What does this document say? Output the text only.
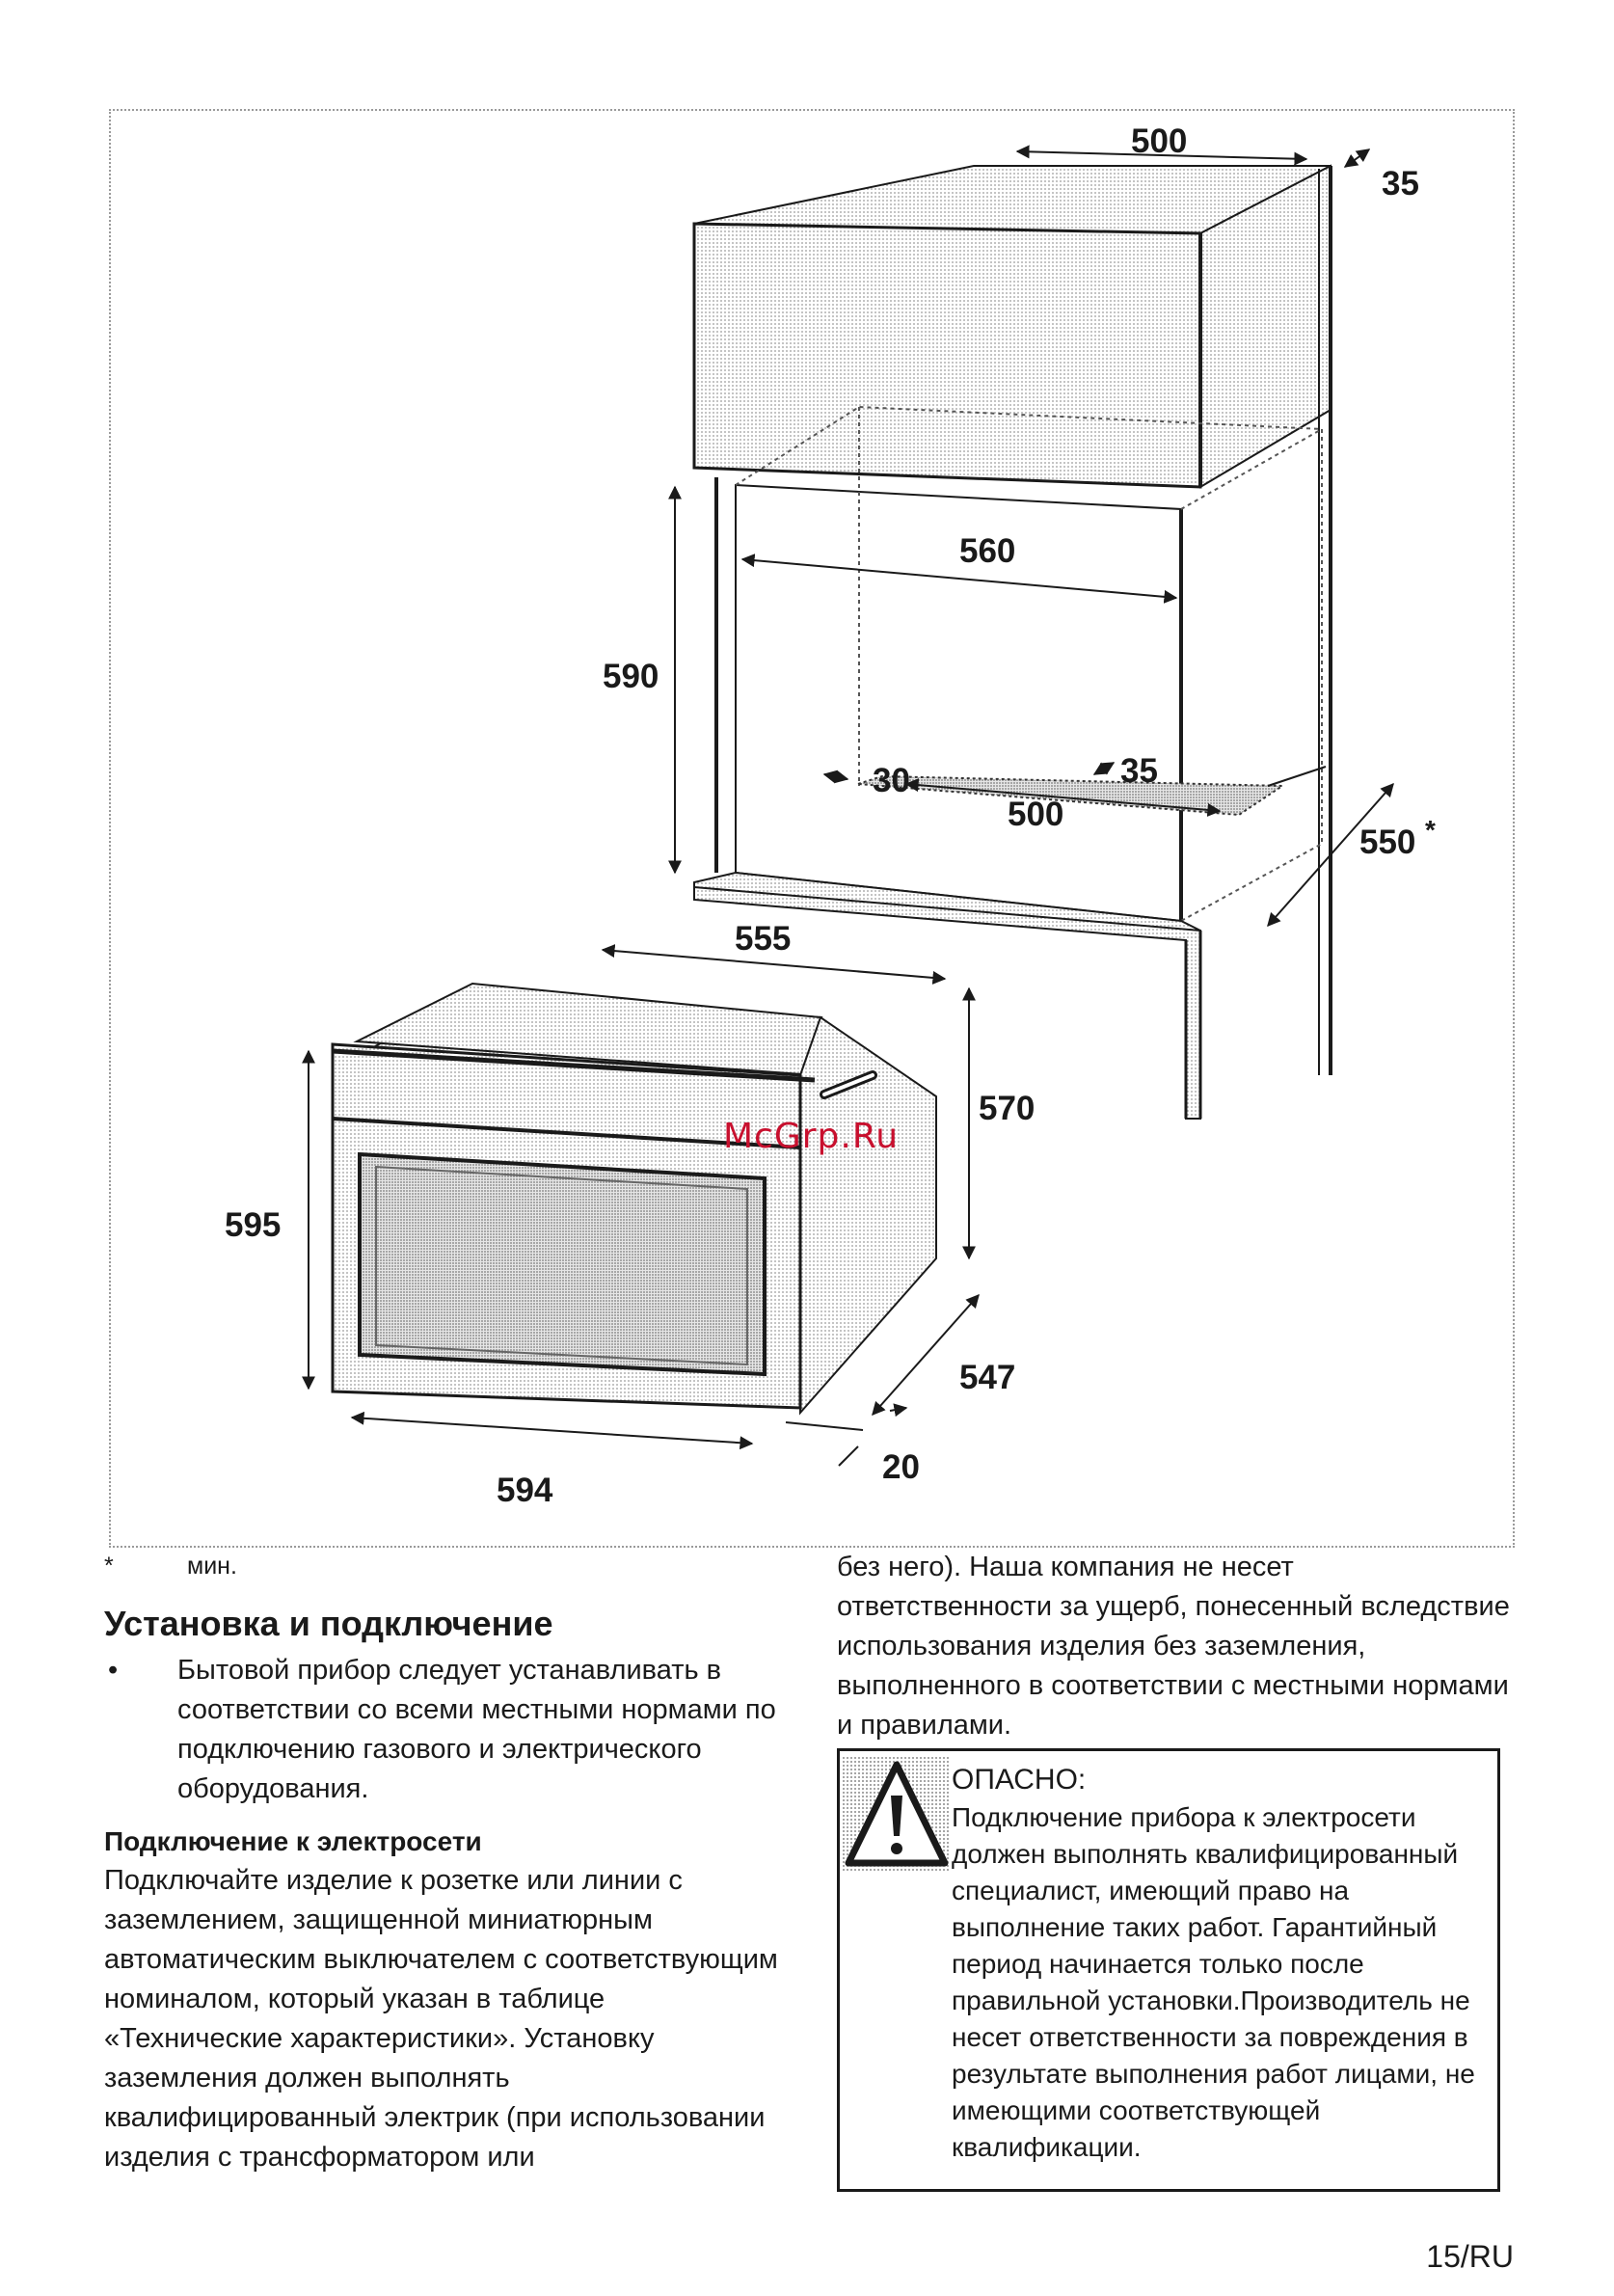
500
35
560
590
30	35
500
550 *
555
570
595
547
594
20
McGrp.Ru
*	мин.
Установка и подключение
•	Бытовой прибор следует устанавливать в соответствии со всеми местными нормами по подключению газового и электрического оборудования.

Подключение к электросети

Подключайте изделие к розетке или линии с заземлением, защищенной миниатюрным автоматическим выключателем с соответствующим номиналом, который указан в таблице «Технические характеристики». Установку заземления должен выполнять квалифицированный электрик (при использовании изделия с трансформатором или

без него). Наша компания не несет ответственности за ущерб, понесенный вследствие использования изделия без заземления, выполненного в соответствии с местными нормами и правилами.

ОПАСНО:

Подключение прибора к электросети должен выполнять квалифицированный специалист, имеющий право на выполнение таких работ. Гарантийный период начинается только после правильной установки.Производитель не несет ответственности за повреждения в результате выполнения работ лицами, не имеющими соответствующей квалификации.

15/RU
